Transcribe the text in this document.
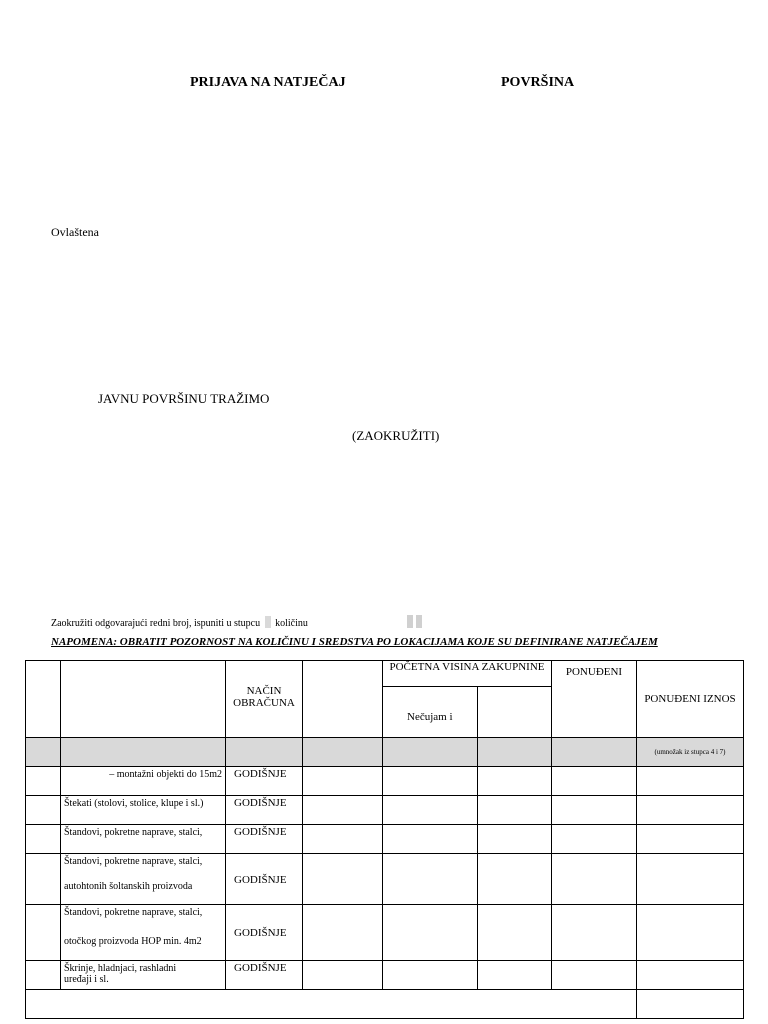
PRIJAVA NA NATJEČAJ	POVRŠINA
Ovlaštena
JAVNU POVRŠINU TRAŽIMO
(ZAOKRUŽITI)
Zaokružiti odgovarajući redni broj, ispuniti u stupcu količinu
NAPOMENA: OBRATIT POZORNOST NA KOLIČINU I SREDSTVA PO LOKACIJAMA KOJE SU DEFINIRANE NATJEČAJEM

		NAČIN
OBRAČUNA		POČETNA VISINA ZAKUPNINE		PONUĐENI	PONUĐENI IZNOS
				Nečujam i			
							(umnožak iz stupca 4 i 7)
	– montažni objekti do 15m2	GODIŠNJE					
	Štekati (stolovi, stolice, klupe i sl.)	GODIŠNJE					
	Štandovi, pokretne naprave, stalci,	GODIŠNJE					

	Štandovi, pokretne naprave, stalci,
autohtonih šoltanskih proizvoda	GODIŠNJE					

	Štandovi, pokretne naprave, stalci,
otočkog proizvoda HOP min. 4m2	GODIŠNJE					

	Škrinje, hladnjaci, rashladni
uređaji i sl.	GODIŠNJE					
